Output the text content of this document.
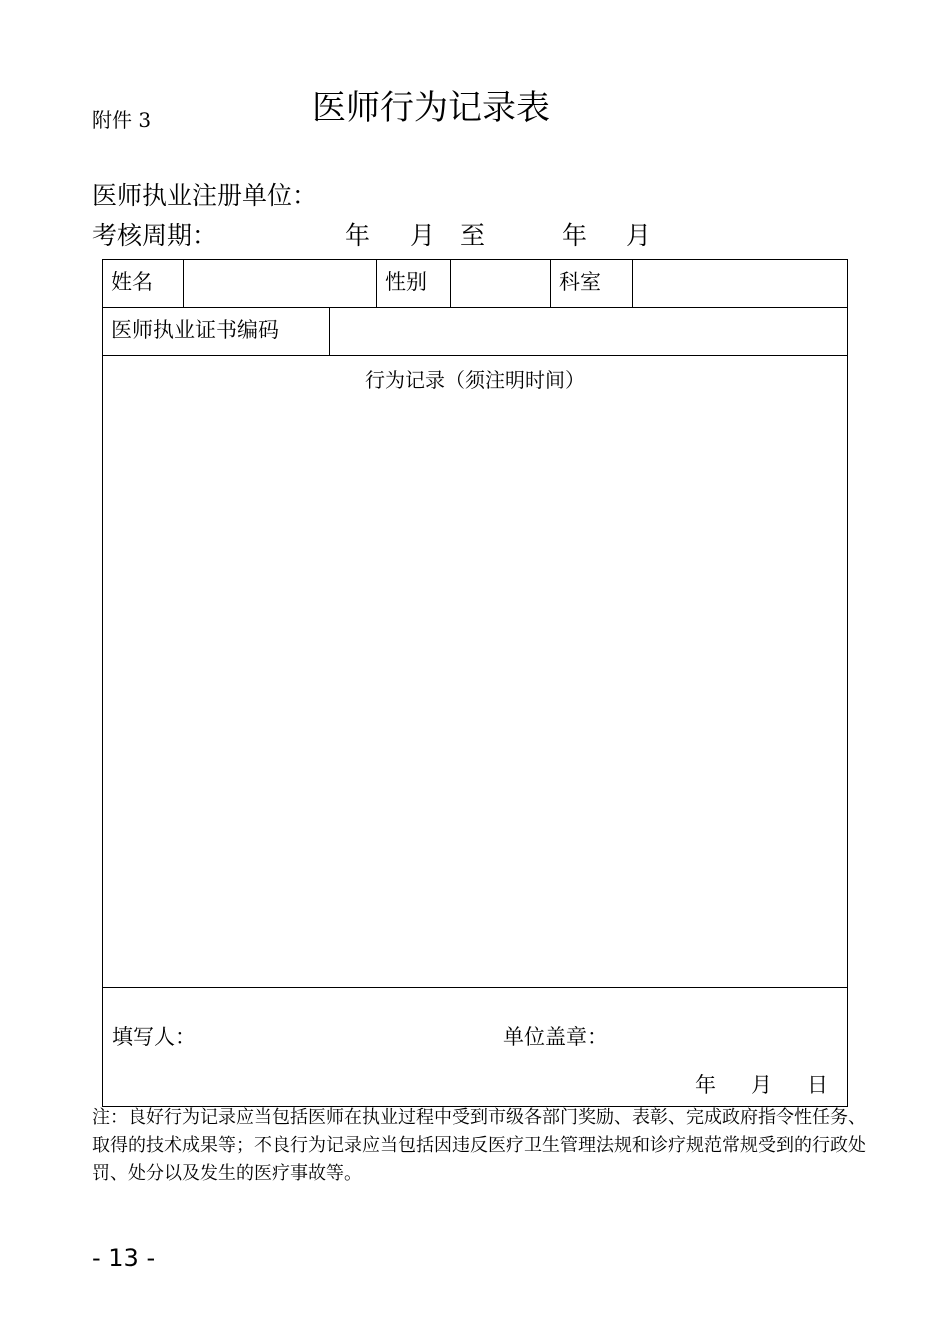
附件 3	医师行为记录表
医师执业注册单位：
考核周期：	年 月 至	年 月
姓名	性别	科室
医师执业证书编码
行为记录（须注明时间）
填写人：	单位盖章：
年 月 日
注：良好行为记录应当包括医师在执业过程中受到市级各部门奖励、表彰、完成政府指令性任务、取得的技术成果等；不良行为记录应当包括因违反医疗卫生管理法规和诊疗规范常规受到的行政处罚、处分以及发生的医疗事故等。
- 13 -
